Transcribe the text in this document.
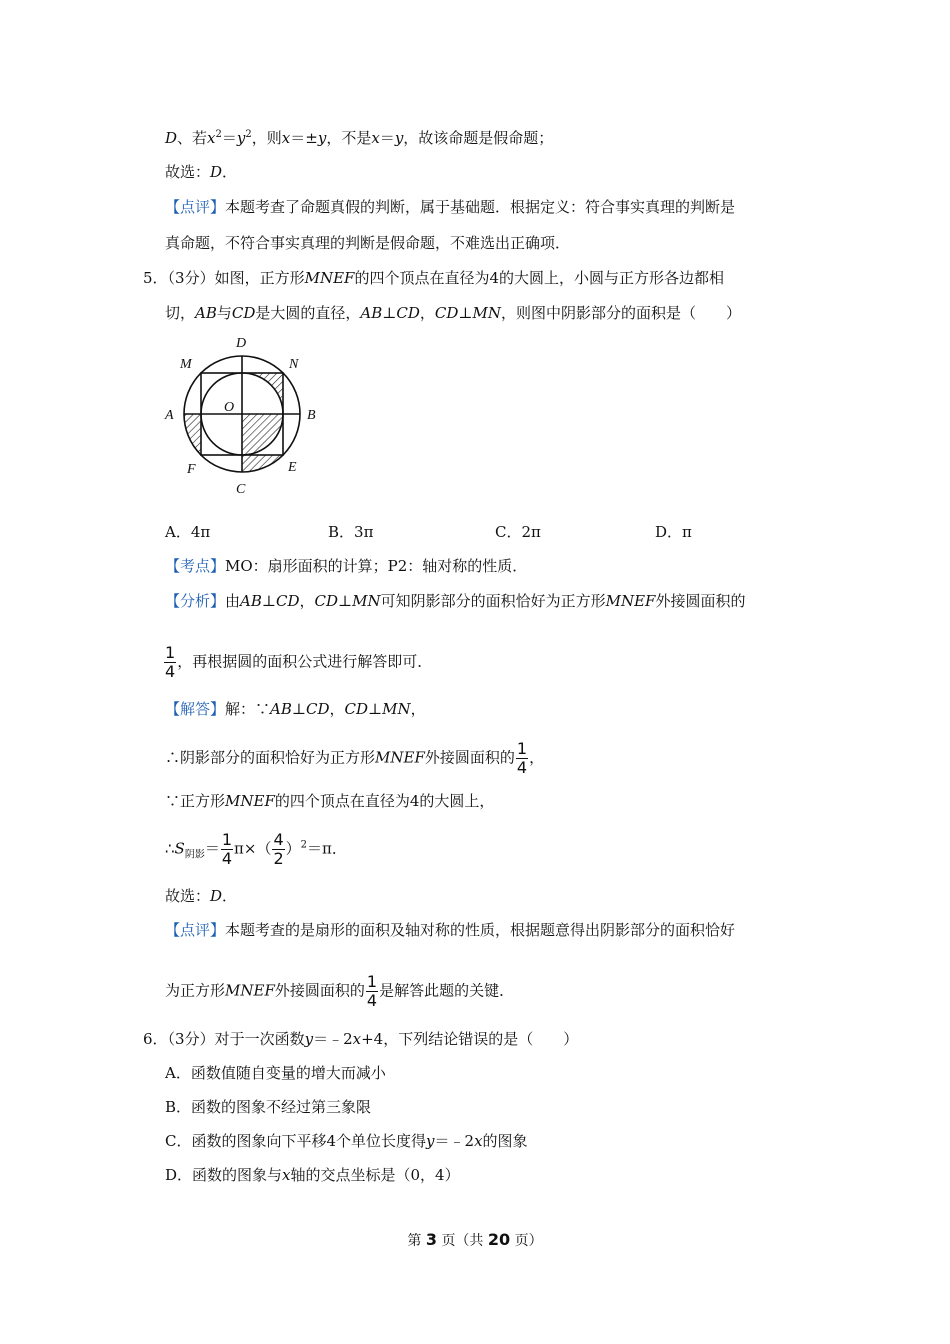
D、若$x^2=y^2$，则x＝±y，不是x＝y，故该命题是假命题；
故选：D．
【点评】本题考查了命题真假的判断，属于基础题．根据定义：符合事实真理的判断是
真命题，不符合事实真理的判断是假命题，不难选出正确项．
5．（3分）如图，正方形MNEF的四个顶点在直径为4的大圆上，小圆与正方形各边都相
切，AB与CD是大圆的直径，AB⊥CD，CD⊥MN，则图中阴影部分的面积是（　　）
D
N
M
A
O
B
F	E
C
A．4π	B．3π	C．2π	D．π
【考点】MO：扇形面积的计算；P2：轴对称的性质．
【分析】由AB⊥CD，CD⊥MN可知阴影部分的面积恰好为正方形MNEF外接圆面积的
$\frac{1}{4}$ ，再根据圆的面积公式进行解答即可．
【解答】解：∵AB⊥CD，CD⊥MN，
∴阴影部分的面积恰好为正方形MNEF外接圆面积的 $\frac{1}{4}$ ，
∵正方形MNEF的四个顶点在直径为4的大圆上，
$\therefore S_{阴影}= \frac{1}{4} \pi\times( \frac{4}{2} )^2=\pi$．
故选：D．
【点评】本题考查的是扇形的面积及轴对称的性质，根据题意得出阴影部分的面积恰好
为正方形MNEF外接圆面积的 $\frac{1}{4}$ 是解答此题的关键．
6．（3分）对于一次函数y＝﹣2x+4，下列结论错误的是（　　）
A．函数值随自变量的增大而减小
B．函数的图象不经过第三象限
C．函数的图象向下平移4个单位长度得y＝﹣2x的图象
D．函数的图象与x轴的交点坐标是（0，4）
第 3 页（共 20 页）
